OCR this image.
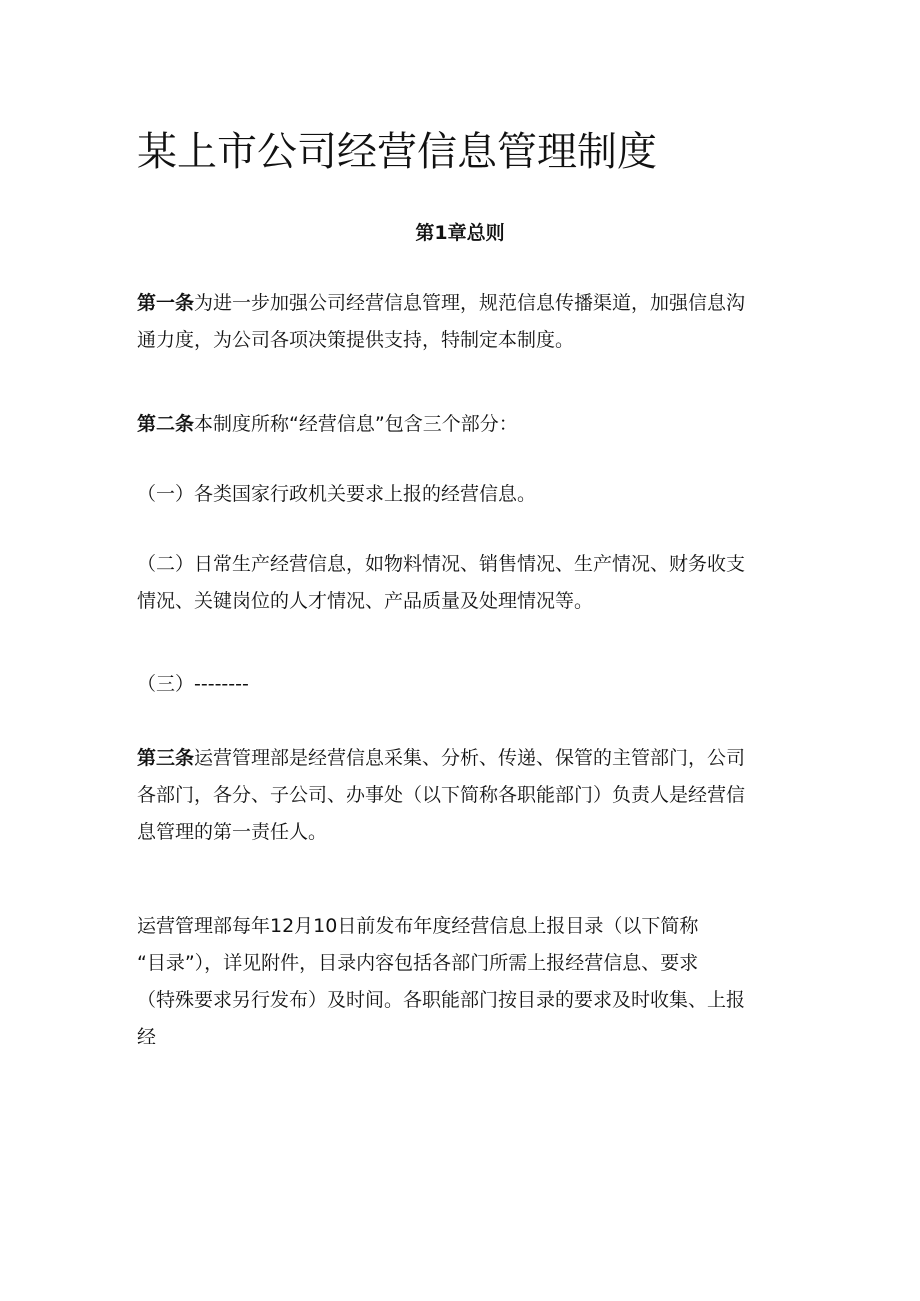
某上市公司经营信息管理制度
第1章总则
第一条为进一步加强公司经营信息管理，规范信息传播渠道，加强信息沟
通力度，为公司各项决策提供支持，特制定本制度。
第二条本制度所称“经营信息”包含三个部分：
（一）各类国家行政机关要求上报的经营信息。
（二）日常生产经营信息，如物料情况、销售情况、生产情况、财务收支
情况、关键岗位的人才情况、产品质量及处理情况等。
（三）--------
第三条运营管理部是经营信息采集、分析、传递、保管的主管部门，公司
各部门，各分、子公司、办事处（以下简称各职能部门）负责人是经营信
息管理的第一责任人。
运营管理部每年12月10日前发布年度经营信息上报目录（以下简称
“目录”），详见附件，目录内容包括各部门所需上报经营信息、要求
（特殊要求另行发布）及时间。各职能部门按目录的要求及时收集、上报
经
